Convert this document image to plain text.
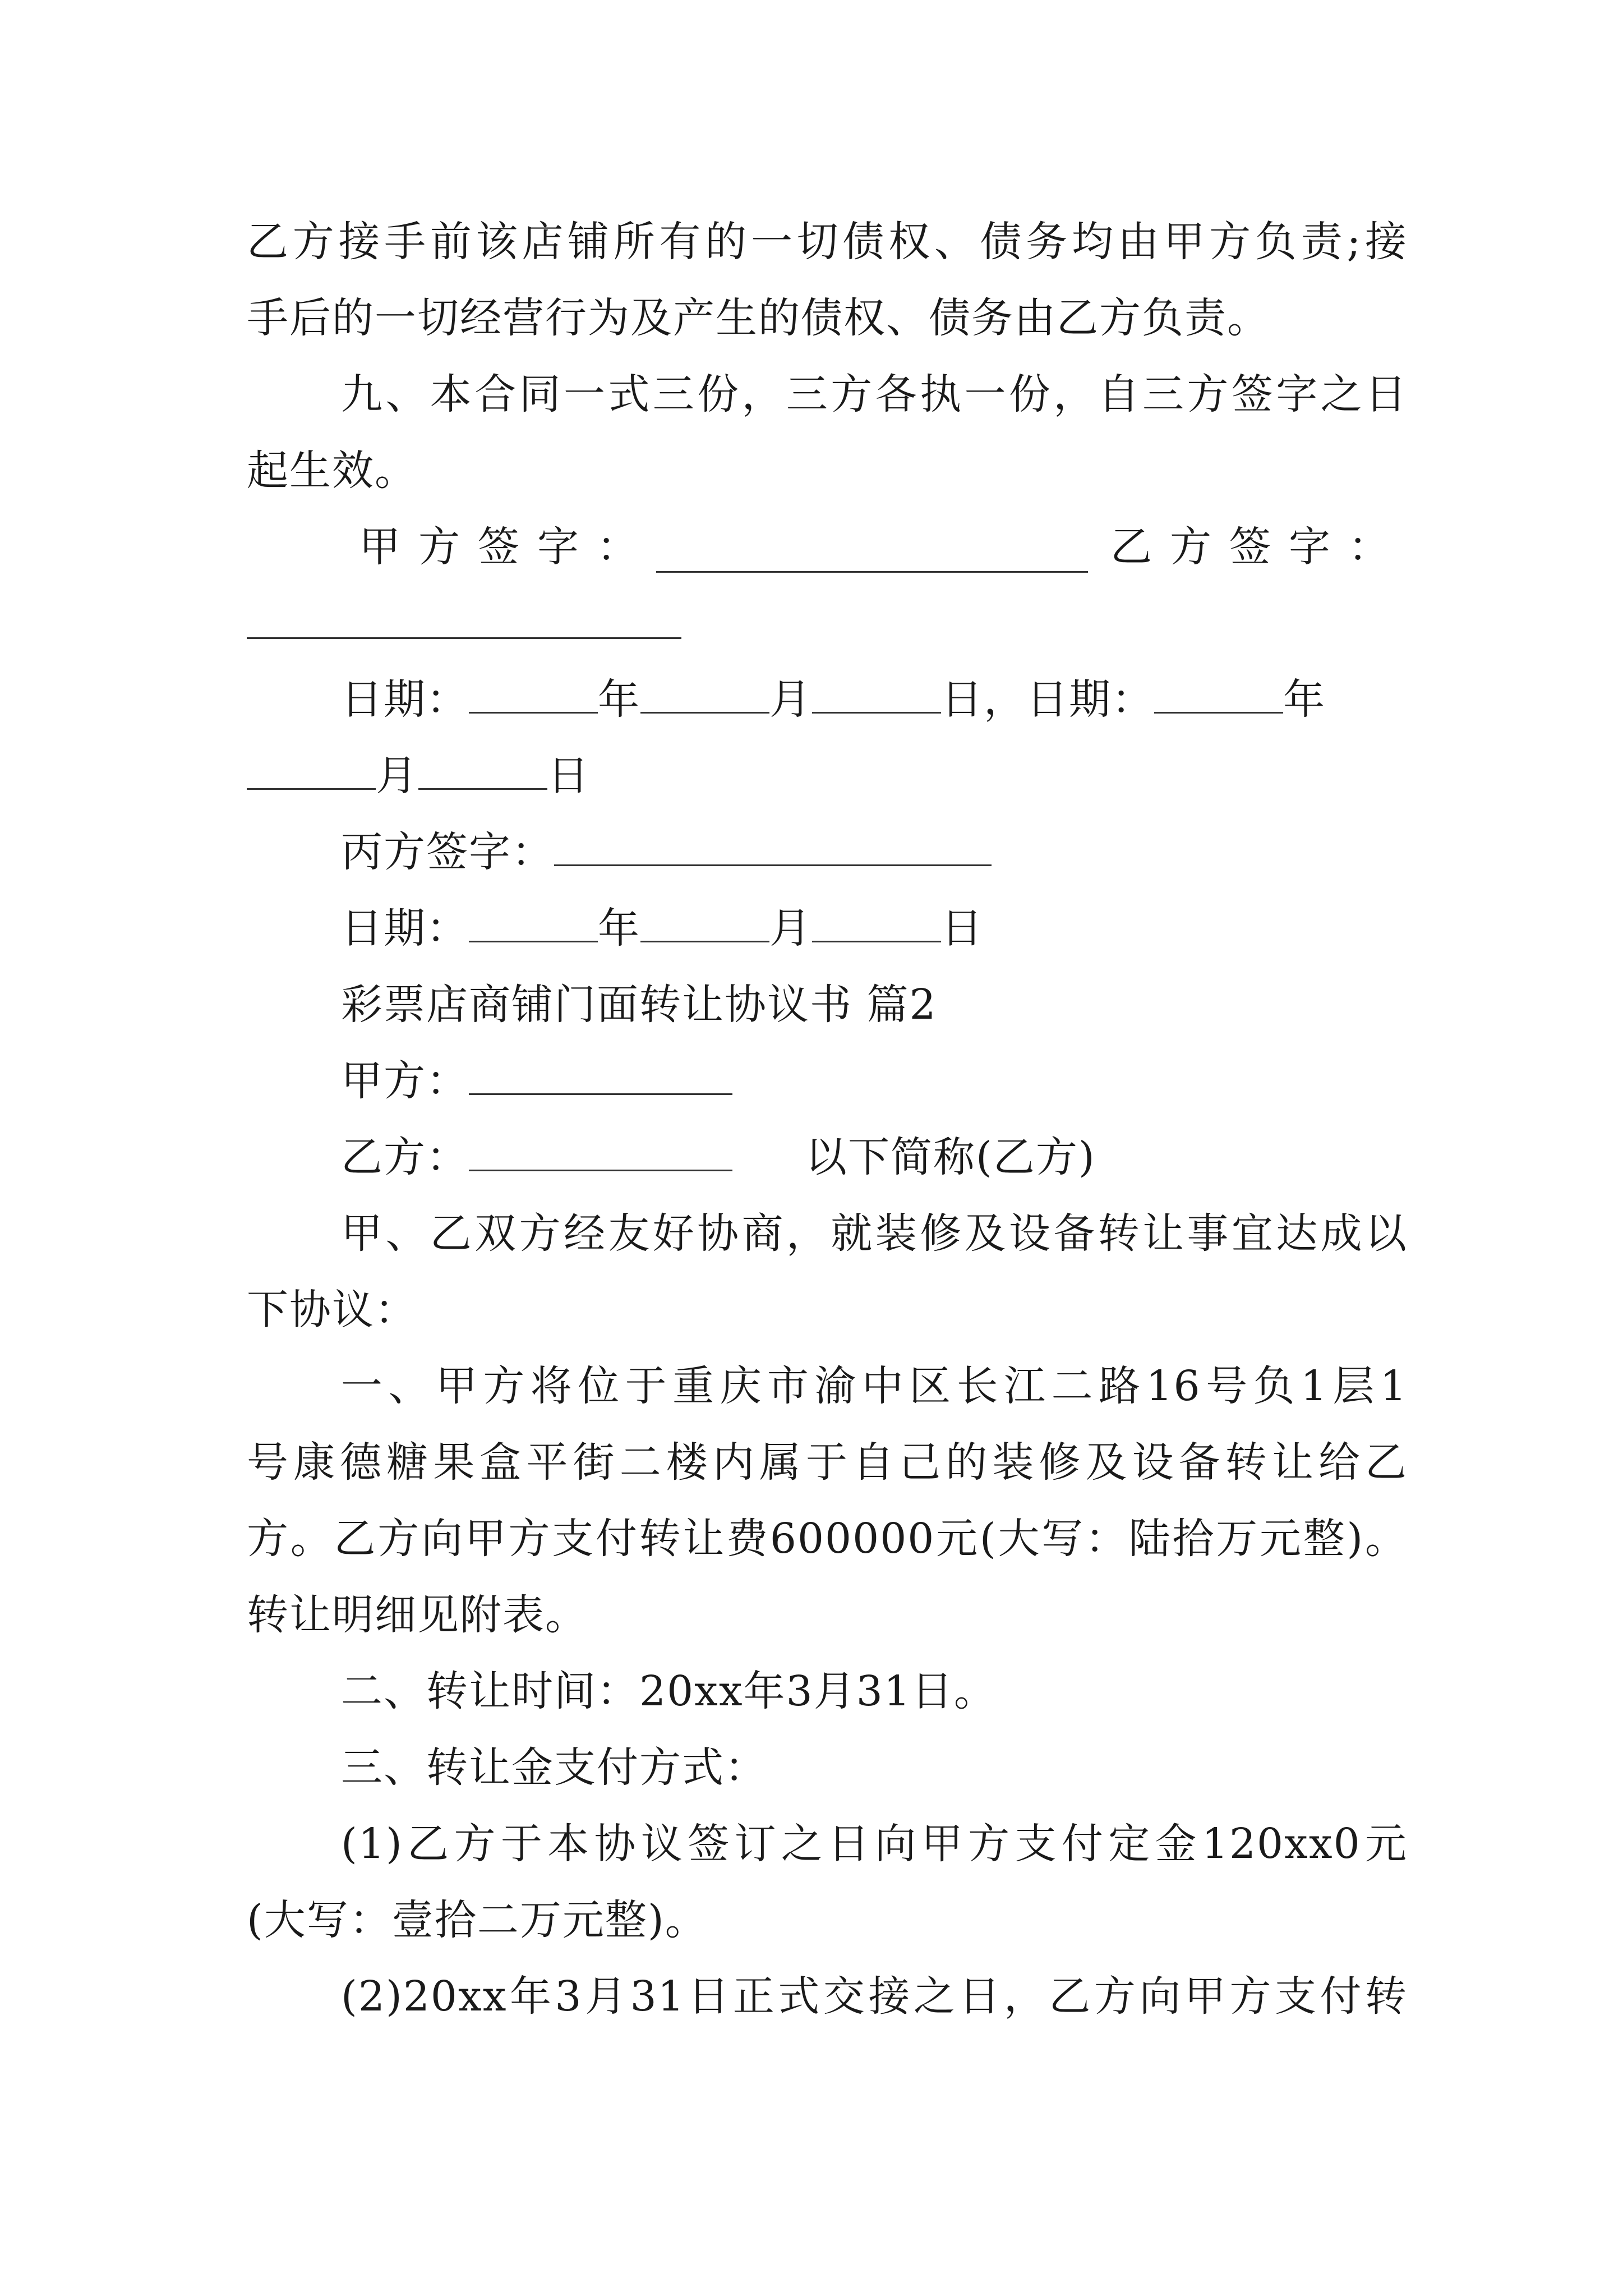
乙方接手前该店铺所有的一切债权、债务均由甲方负责;接
手后的一切经营行为及产生的债权、债务由乙方负责。
九、本合同一式三份，三方各执一份，自三方签字之日
起生效。
甲方签字：	乙方签字：
日期：	年	月	日，日期：	年
月	日
丙方签字：
日期：	年	月	日
彩票店商铺门面转让协议书 篇2
甲方：
乙方：	以下简称(乙方)
甲、乙双方经友好协商，就装修及设备转让事宜达成以
下协议：
一、甲方将位于重庆市渝中区长江二路16号负1层1
号康德糖果盒平街二楼内属于自己的装修及设备转让给乙
方。乙方向甲方支付转让费600000元(大写：陆拾万元整)。
转让明细见附表。
二、转让时间：20xx年3月31日。
三、转让金支付方式：
(1)乙方于本协议签订之日向甲方支付定金120xx0元
(大写：壹拾二万元整)。
(2)20xx年3月31日正式交接之日，乙方向甲方支付转
